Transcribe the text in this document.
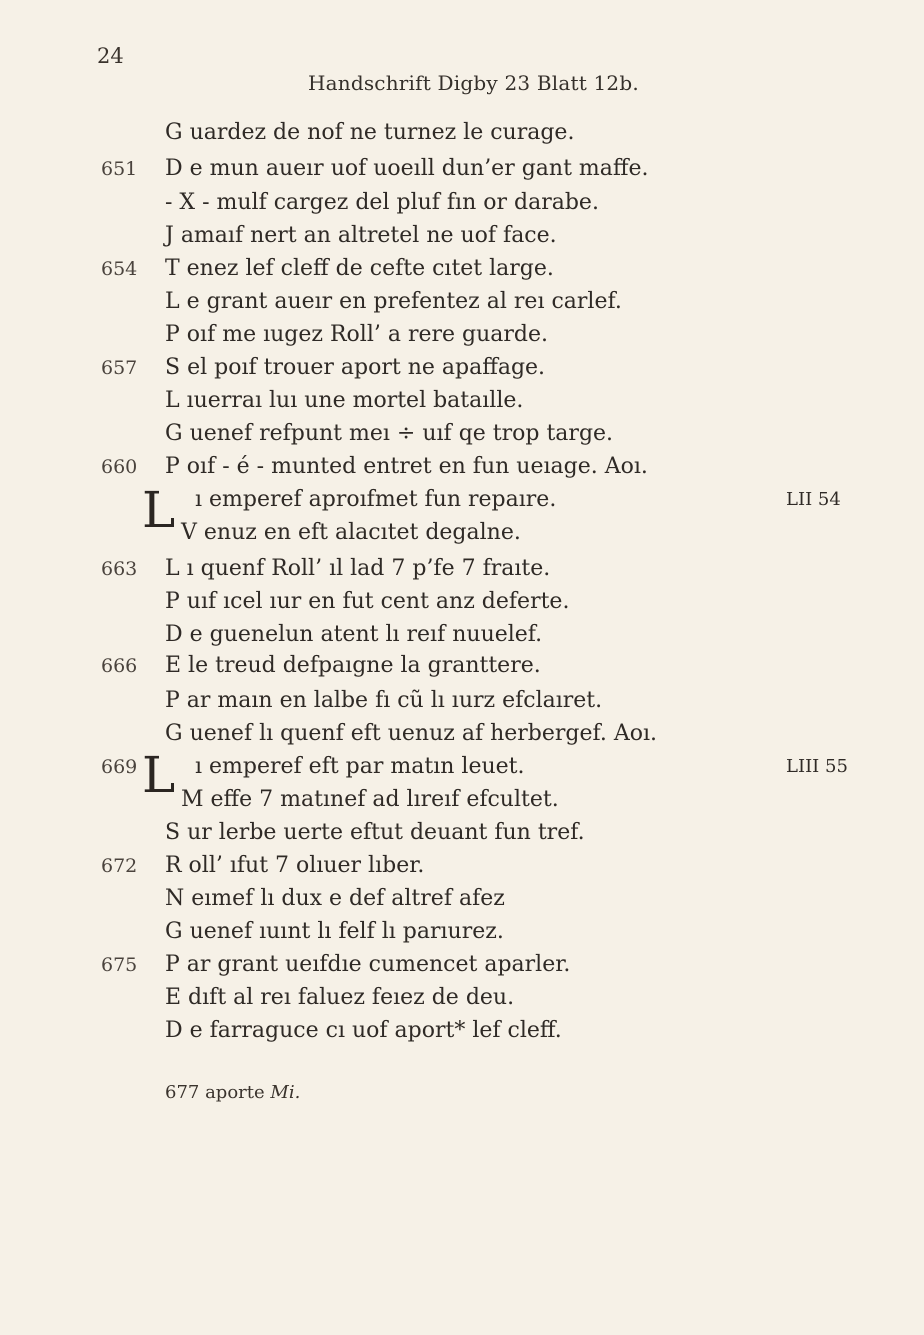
24
Handschrift Digby 23 Blatt 12b.
G uardez de nof ne turnez le curage.
651 D e mun aueır uof uoeıll dun’er gant maffe.
- X - mulf cargez del pluf fın or darabe.
J amaıf nert an altretel ne uof face.
654 T enez lef cleff de cefte cıtet large.
L e grant aueır en prefentez al reı carlef.
P oıf me ıugez Roll’ a rere guarde.
657 S el poıf trouer aport ne apaffage.
L ıuerraı luı une mortel bataılle.
G uenef refpunt meı ÷ uıf qe trop targe.
660 P oıf - é - munted entret en fun ueıage. Aoı.
L ı emperef aproıfmet fun repaıre.	LII 54
V enuz en eft alacıtet degalne.
663 L ı quenf Roll’ ıl lad 7 p’fe 7 fraıte.
P uıf ıcel ıur en fut cent anz deferte.
D e guenelun atent lı reıf nuuelef.
666 E le treud defpaıgne la granttere.
P ar maın en lalbe fı cũ lı ıurz efclaıret.
G uenef lı quenf eft uenuz af herbergef. Aoı.
669 L ı emperef eft par matın leuet.	LIII 55
M effe 7 matınef ad lıreıf efcultet.
S ur lerbe uerte eftut deuant fun tref.
672 R oll’ ıfut 7 olıuer lıber.
N eımef lı dux e def altref afez
G uenef ıuınt lı felf lı parıurez.
675 P ar grant ueıfdıe cumencet aparler.
E dıft al reı faluez feıez de deu.
D e farraguce cı uof aport* lef cleff.
677 aporte Mi.
